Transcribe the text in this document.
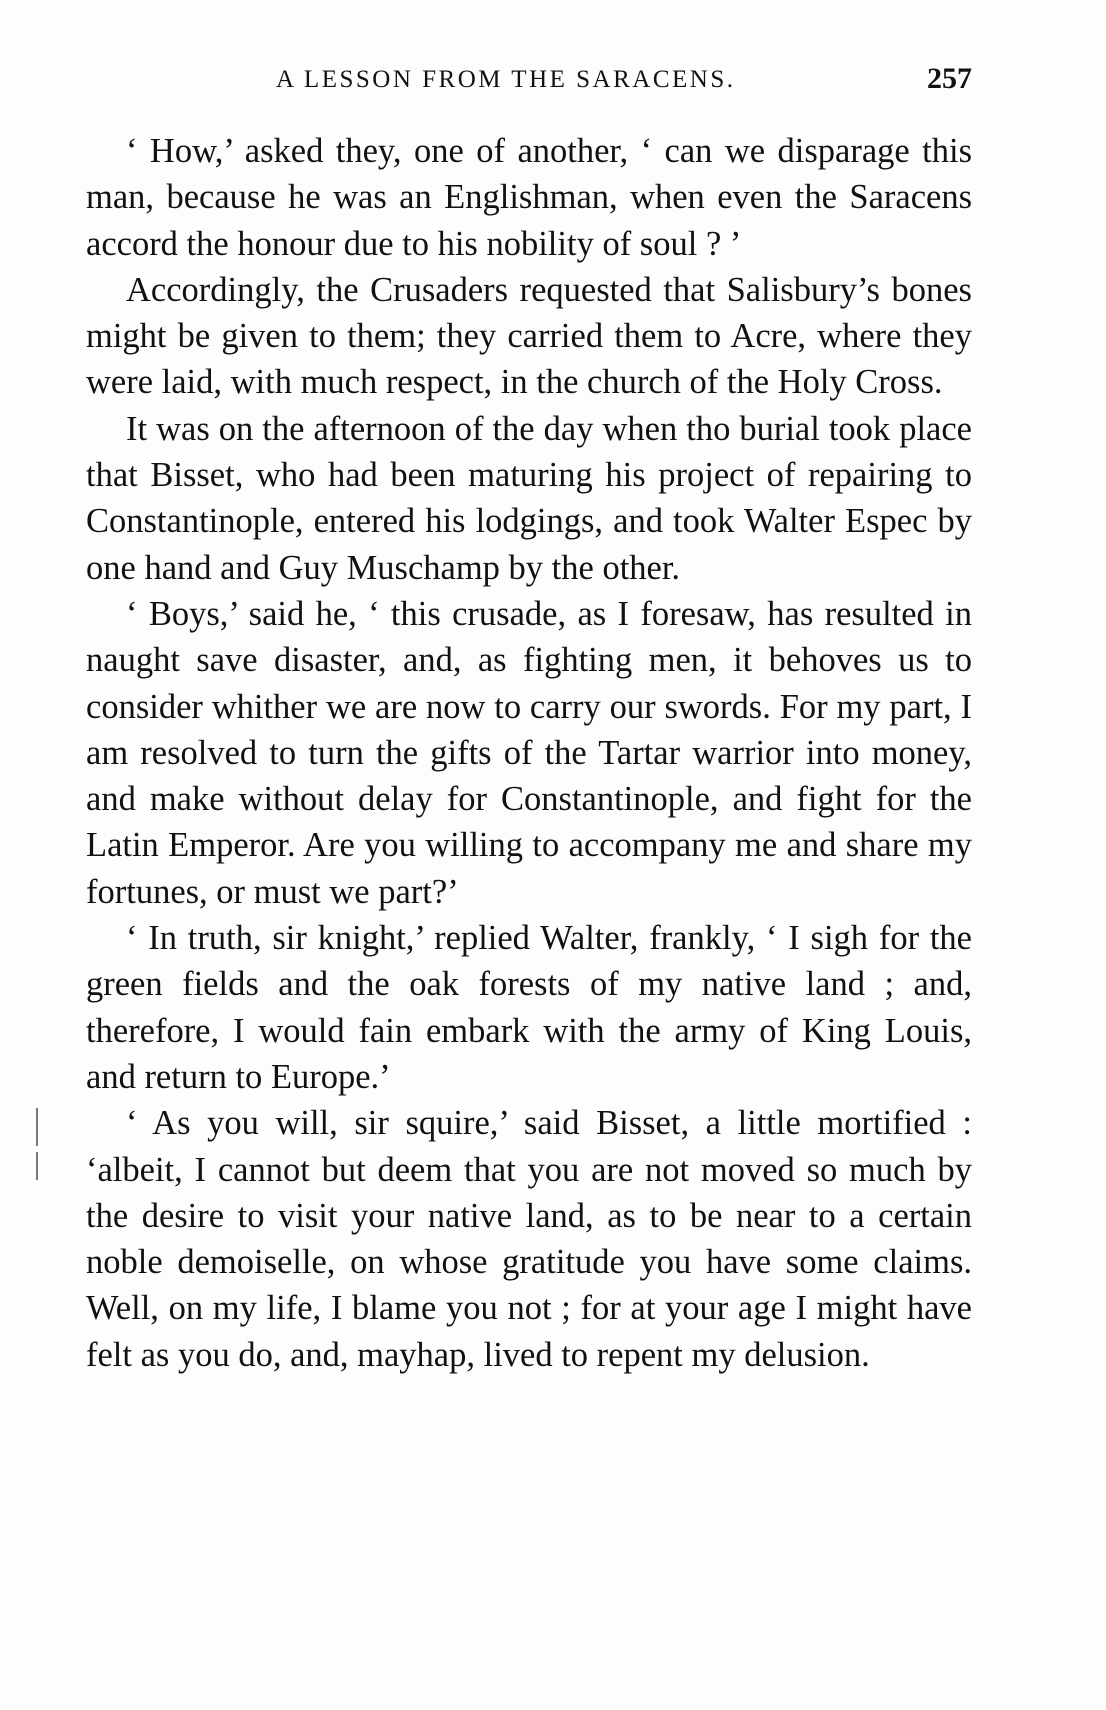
A LESSON FROM THE SARACENS.	257

‘ How,’ asked they, one of another, ‘ can we disparage this man, because he was an Englishman, when even the Saracens accord the honour due to his nobility of soul ? ’

Accordingly, the Crusaders requested that Salisbury’s bones might be given to them; they carried them to Acre, where they were laid, with much respect, in the church of the Holy Cross.

It was on the afternoon of the day when tho burial took place that Bisset, who had been maturing his project of repairing to Constantinople, entered his lodgings, and took Walter Espec by one hand and Guy Muschamp by the other.

‘ Boys,’ said he, ‘ this crusade, as I foresaw, has resulted in naught save disaster, and, as fighting men, it behoves us to consider whither we are now to carry our swords. For my part, I am resolved to turn the gifts of the Tartar warrior into money, and make without delay for Constantinople, and fight for the Latin Emperor. Are you willing to accompany me and share my fortunes, or must we part?’

‘ In truth, sir knight,’ replied Walter, frankly, ‘ I sigh for the green fields and the oak forests of my native land ; and, therefore, I would fain embark with the army of King Louis, and return to Europe.’

‘ As you will, sir squire,’ said Bisset, a little mortified : ‘albeit, I cannot but deem that you are not moved so much by the desire to visit your native land, as to be near to a certain noble demoiselle, on whose gratitude you have some claims. Well, on my life, I blame you not ; for at your age I might have felt as you do, and, mayhap, lived to repent my delusion.
